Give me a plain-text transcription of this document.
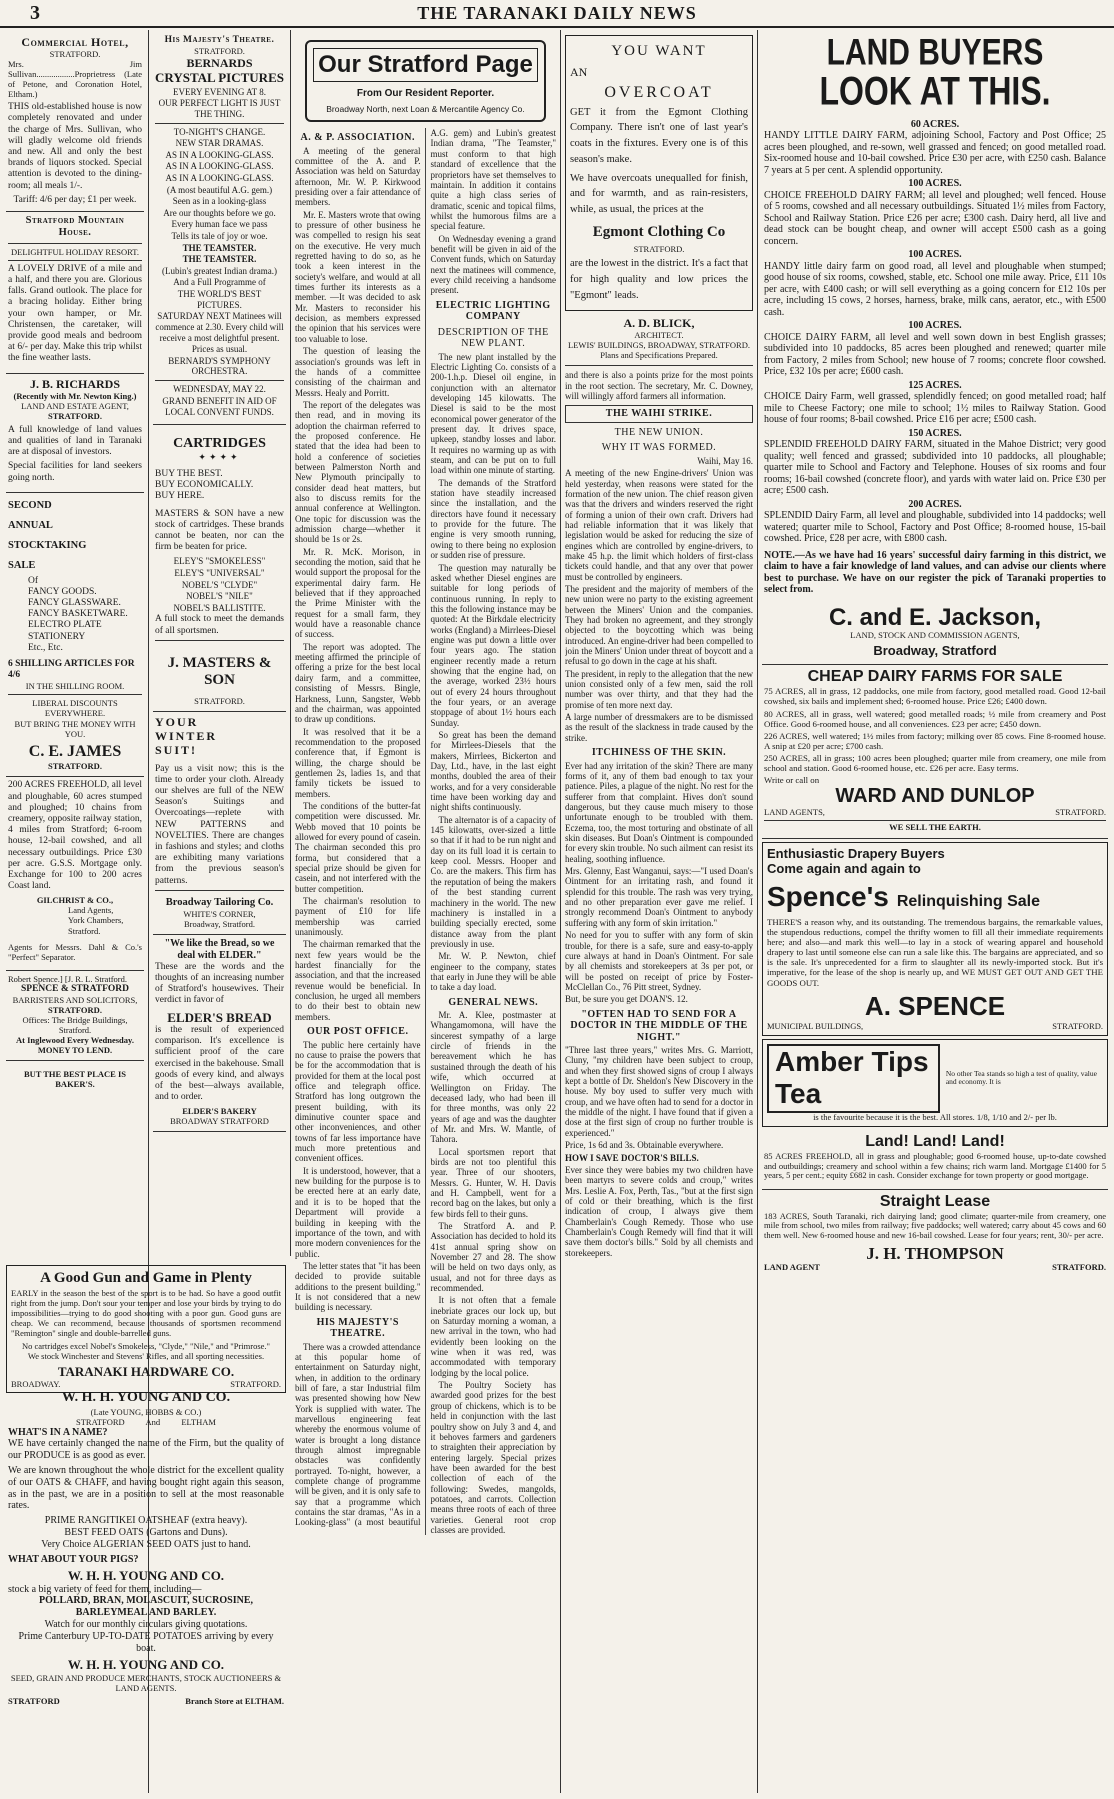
3	THE TARANAKI DAILY NEWS
Commercial Hotel,
STRATFORD.

Mrs. Jim Sullivan..................Proprietress (Late of Petone, and Coronation Hotel, Eltham.)

THIS old-established house is now completely renovated and under the charge of Mrs. Sullivan, who will gladly welcome old friends and new. All and only the best brands of liquors stocked. Special attention is devoted to the dining-room; all meals 1/-.

Tariff: 4/6 per day; £1 per week.
Stratford Mountain House.
DELIGHTFUL HOLIDAY RESORT.

A LOVELY DRIVE of a mile and a half, and there you are. Glorious falls. Grand outlook. The place for a bracing holiday. Either bring your own hamper, or Mr. Christensen, the caretaker, will provide good meals and bedroom at 6/- per day. Make this trip whilst the fine weather lasts.

J. B. RICHARDS
(Recently with Mr. Newton King.)
LAND AND ESTATE AGENT,
STRATFORD.

A full knowledge of land values and qualities of land in Taranaki are at disposal of investors.

Special facilities for land seekers going north.

SECOND
ANNUAL
STOCKTAKING
SALE
Of
FANCY GOODS.
FANCY GLASSWARE.
FANCY BASKETWARE.
ELECTRO PLATE
STATIONERY
Etc., Etc.
6 SHILLING ARTICLES FOR 4/6
IN THE SHILLING ROOM.
LIBERAL DISCOUNTS EVERYWHERE.
BUT BRING THE MONEY WITH YOU.
C. E. JAMES
STRATFORD.

200 ACRES FREEHOLD, all level and ploughable, 60 acres stumped and ploughed; 10 chains from creamery, opposite railway station, 4 miles from Stratford; 6-room house, 12-bail cowshed, and all necessary outbuildings. Price £30 per acre. G.S.S. Mortgage only. Exchange for 100 to 200 acres Coast land.

GILCHRIST & CO.,
Land Agents,
York Chambers,
Stratford.

Agents for Messrs. Dahl & Co.'s "Perfect" Separator.

Robert Spence.] [J. R. L. Stratford.
SPENCE & STRATFORD
BARRISTERS AND SOLICITORS,
STRATFORD.
Offices: The Bridge Buildings, Stratford.
At Inglewood Every Wednesday.
MONEY TO LEND.
BUT THE BEST PLACE IS BAKER'S.
His Majesty's Theatre.
STRATFORD.
BERNARDS
CRYSTAL PICTURES
EVERY EVENING AT 8.
OUR PERFECT LIGHT IS JUST THE THING.
TO-NIGHT'S CHANGE.
NEW STAR DRAMAS.
AS IN A LOOKING-GLASS.
AS IN A LOOKING-GLASS.
AS IN A LOOKING-GLASS.
(A most beautiful A.G. gem.)
Seen as in a looking-glass
Are our thoughts before we go.
Every human face we pass
Tells its tale of joy or woe.
THE TEAMSTER.
THE TEAMSTER.
(Lubin's greatest Indian drama.)
And a Full Programme of
THE WORLD'S BEST PICTURES.
SATURDAY NEXT Matinees will commence at 2.30. Every child will receive a most delightful present.
Prices as usual.
BERNARD'S SYMPHONY ORCHESTRA.
WEDNESDAY, MAY 22.
GRAND BENEFIT IN AID OF
LOCAL CONVENT FUNDS.
CARTRIDGES
✦✦✦✦
BUY THE BEST.
BUY ECONOMICALLY.
BUY HERE.

MASTERS & SON have a new stock of cartridges. These brands cannot be beaten, nor can the firm be beaten for price.

ELEY'S "SMOKELESS"
ELEY'S "UNIVERSAL"
NOBEL'S "CLYDE"
NOBEL'S "NILE"
NOBEL'S BALLISTITE.

A full stock to meet the demands of all sportsmen.

J. MASTERS & SON
STRATFORD.
YOUR
WINTER
SUIT!

Pay us a visit now; this is the time to order your cloth. Already our shelves are full of the NEW Season's Suitings and Overcoatings—replete with NEW PATTERNS and NOVELTIES. There are changes in fashions and styles; and cloths are exhibiting many variations from the previous season's patterns.

Broadway Tailoring Co.
WHITE'S CORNER,
Broadway, Stratford.
"We like the Bread, so we deal with ELDER."

These are the words and the thoughts of an increasing number of Stratford's housewives. Their verdict in favor of

ELDER'S BREAD

is the result of experienced comparison. It's excellence is sufficient proof of the care exercised in the bakehouse. Small goods of every kind, and always of the best—always available, and to order.

ELDER'S BAKERY
BROADWAY STRATFORD
A Good Gun and Game in Plenty

EARLY in the season the best of the sport is to be had. So have a good outfit right from the jump. Don't sour your temper and lose your birds by trying to do impossibilities—trying to do good shooting with a poor gun. Good guns are cheap. We can recommend, because thousands of sportsmen recommend "Remington" single and double-barrelled guns.

No cartridges excel Nobel's Smokeless, "Clyde," "Nile," and "Primrose."
We stock Winchester and Stevens' Rifles, and all sporting necessities.
TARANAKI HARDWARE CO.
BROADWAY.	STRATFORD.
W. H. H. YOUNG AND CO.
(Late YOUNG, HOBBS & CO.)
STRATFORD          And          ELTHAM
WHAT'S IN A NAME?

WE have certainly changed the name of the Firm, but the quality of our PRODUCE is as good as ever.

We are known throughout the whole district for the excellent quality of our OATS & CHAFF, and having bought right again this season, as in the past, we are in a position to sell at the most reasonable rates.

PRIME RANGITIKEI OATSHEAF (extra heavy).
BEST FEED OATS (Gartons and Duns).
Very Choice ALGERIAN SEED OATS just to hand.
WHAT ABOUT YOUR PIGS?
W. H. H. YOUNG AND CO.
stock a big variety of feed for them, including—
POLLARD, BRAN, MOLASCUIT, SUCROSINE, BARLEYMEAL AND BARLEY.
Watch for our monthly circulars giving quotations.
Prime Canterbury UP-TO-DATE POTATOES arriving by every boat.
W. H. H. YOUNG AND CO.
SEED, GRAIN AND PRODUCE MERCHANTS, STOCK AUCTIONEERS & LAND AGENTS.
STRATFORD	Branch Store at ELTHAM.
Our Stratford Page
From Our Resident Reporter.
Broadway North, next Loan & Mercantile Agency Co.
A. & P. ASSOCIATION.

A meeting of the general committee of the A. and P. Association was held on Saturday afternoon, Mr. W. P. Kirkwood presiding over a fair attendance of members.

Mr. E. Masters wrote that owing to pressure of other business he was compelled to resign his seat on the executive. He very much regretted having to do so, as he took a keen interest in the society's welfare, and would at all times further its interests as a member. —It was decided to ask Mr. Masters to reconsider his decision, as members expressed the opinion that his services were too valuable to lose.

The question of leasing the association's grounds was left in the hands of a committee consisting of the chairman and Messrs. Healy and Porritt.

The report of the delegates was then read, and in moving its adoption the chairman referred to the proposed conference. He stated that the idea had been to hold a conference of societies between Palmerston North and New Plymouth principally to consider dead heat matters, but also to discuss remits for the annual conference at Wellington. One topic for discussion was the admission charge—whether it should be 1s or 2s.

Mr. R. McK. Morison, in seconding the motion, said that he would support the proposal for the experimental dairy farm. He believed that if they approached the Prime Minister with the request for a small farm, they would have a reasonable chance of success.

The report was adopted. The meeting affirmed the principle of offering a prize for the best local dairy farm, and a committee, consisting of Messrs. Bingle, Harkness, Lunn, Sangster, Webb and the chairman, was appointed to draw up conditions.

It was resolved that it be a recommendation to the proposed conference that, if Egmont is willing, the charge should be gentlemen 2s, ladies 1s, and that family tickets be issued to members.

The conditions of the butter-fat competition were discussed. Mr. Webb moved that 10 points be allowed for every pound of casein. The chairman seconded this pro forma, but considered that a special prize should be given for casein, and not interfered with the butter competition.

The chairman's resolution to payment of £10 for life membership was carried unanimously.

The chairman remarked that the next few years would be the hardest financially for the association, and that the increased revenue would be beneficial. In conclusion, he urged all members to do their best to obtain new members.

OUR POST OFFICE.

The public here certainly have no cause to praise the powers that be for the accommodation that is provided for them at the local post office and telegraph office. Stratford has long outgrown the present building, with its diminutive counter space and other inconveniences, and other towns of far less importance have much more pretentious and convenient offices.

It is understood, however, that a new building for the purpose is to be erected here at an early date, and it is to be hoped that the Department will provide a building in keeping with the importance of the town, and with more modern conveniences for the public.

The letter states that "it has been decided to provide suitable additions to the present building." It is not considered that a new building is necessary.

HIS MAJESTY'S THEATRE.

There was a crowded attendance at this popular home of entertainment on Saturday night, when, in addition to the ordinary bill of fare, a star Industrial film was presented showing how New York is supplied with water. The marvellous engineering feat whereby the enormous volume of water is brought a long distance through almost impregnable obstacles was confidently portrayed. To-night, however, a complete change of programme will be given, and it is only safe to say that a programme which contains the star dramas, "As in a Looking-glass" (a most beautiful A.G. gem) and Lubin's greatest Indian drama, "The Teamster," must conform to that high standard of excellence that the proprietors have set themselves to maintain. In addition it contains quite a high class series of dramatic, scenic and topical films, whilst the humorous films are a special feature.

On Wednesday evening a grand benefit will be given in aid of the Convent funds, which on Saturday next the matinees will commence, every child receiving a handsome present.

ELECTRIC LIGHTING COMPANY
DESCRIPTION OF THE NEW PLANT.

The new plant installed by the Electric Lighting Co. consists of a 200-1.h.p. Diesel oil engine, in conjunction with an alternator developing 145 kilowatts. The Diesel is said to be the most economical power generator of the present day. It drives space, upkeep, standby losses and labor. It requires no warming up as with steam, and can be put on to full load within one minute of starting.

The demands of the Stratford station have steadily increased since the installation, and the directors have found it necessary to provide for the future. The engine is very smooth running, owing to there being no explosion or sudden rise of pressure.

The question may naturally be asked whether Diesel engines are suitable for long periods of continuous running. In reply to this the following instance may be quoted: At the Birkdale electricity works (England) a Mirrlees-Diesel engine was put down a little over four years ago. The station engineer recently made a return showing that the engine had, on the average, worked 23½ hours out of every 24 hours throughout the four years, or an average stoppage of about 1½ hours each Sunday.

So great has been the demand for Mirrlees-Diesels that the makers, Mirrlees, Bickerton and Day, Ltd., have, in the last eight months, doubled the area of their works, and for a very considerable time have been working day and night shifts continuously.

The alternator is of a capacity of 145 kilowatts, over-sized a little so that if it had to be run night and day on its full load it is certain to keep cool. Messrs. Hooper and Co. are the makers. This firm has the reputation of being the makers of the best standing current machinery in the world. The new machinery is installed in a building specially erected, some distance away from the plant previously in use.

Mr. W. P. Newton, chief engineer to the company, states that early in June they will be able to take a day load.

GENERAL NEWS.

Mr. A. Klee, postmaster at Whangamomona, will have the sincerest sympathy of a large circle of friends in the bereavement which he has sustained through the death of his wife, which occurred at Wellington on Friday. The deceased lady, who had been ill for three months, was only 22 years of age and was the daughter of Mr. and Mrs. W. Mantle, of Tahora.

Local sportsmen report that birds are not too plentiful this year. Three of our shooters, Messrs. G. Hunter, W. H. Davis and H. Campbell, went for a record bag on the lakes, but only a few birds fell to their guns.

The Stratford A. and P. Association has decided to hold its 41st annual spring show on November 27 and 28. The show will be held on two days only, as usual, and not for three days as recommended.

It is not often that a female inebriate graces our lock up, but on Saturday morning a woman, a new arrival in the town, who had evidently been looking on the wine when it was red, was accommodated with temporary lodging by the local police.

The Poultry Society has awarded good prizes for the best group of chickens, which is to be held in conjunction with the last poultry show on July 3 and 4, and it behoves farmers and gardeners to straighten their appreciation by entering largely. Special prizes have been awarded for the best collection of each of the following: Swedes, mangolds, potatoes, and carrots. Collection means three roots of each of three varieties. General root crop classes are provided.

YOU WANT
AN
OVERCOAT

GET it from the Egmont Clothing Company. There isn't one of last year's coats in the fixtures. Every one is of this season's make.

We have overcoats unequalled for finish, and for warmth, and as rain-resisters, while, as usual, the prices at the

Egmont Clothing Co
STRATFORD.

are the lowest in the district. It's a fact that for high quality and low prices the "Egmont" leads.

A. D. BLICK,
ARCHITECT.
LEWIS' BUILDINGS, BROADWAY, STRATFORD.
Plans and Specifications Prepared.

and there is also a points prize for the most points in the root section. The secretary, Mr. C. Downey, will willingly afford farmers all information.

THE WAIHI STRIKE.
THE NEW UNION.
WHY IT WAS FORMED.

Waihi, May 16.

A meeting of the new Engine-drivers' Union was held yesterday, when reasons were stated for the formation of the new union. The chief reason given was that the drivers and winders reserved the right of forming a union of their own craft. Drivers had had reliable information that it was likely that legislation would be asked for reducing the size of engines which are controlled by engine-drivers, to make 45 h.p. the limit which holders of first-class tickets could handle, and that any over that power must be controlled by engineers.

The president and the majority of members of the new union were no party to the existing agreement between the Miners' Union and the companies. They had broken no agreement, and they strongly objected to the boycotting which was being introduced. An engine-driver had been compelled to join the Miners' Union under threat of boycott and a refusal to go down in the cage at his shaft.

The president, in reply to the allegation that the new union consisted only of a few men, said the roll number was over thirty, and that they had the promise of ten more next day.

A large number of dressmakers are to be dismissed as the result of the slackness in trade caused by the strike.

ITCHINESS OF THE SKIN.

Ever had any irritation of the skin? There are many forms of it, any of them bad enough to tax your patience. Piles, a plague of the night. No rest for the sufferer from that complaint. Hives don't sound dangerous, but they cause much misery to those unfortunate enough to be troubled with them. Eczema, too, the most torturing and obstinate of all skin diseases. But Doan's Ointment is compounded for every skin trouble. No such ailment can resist its healing, soothing influence.

Mrs. Glenny, East Wanganui, says:—"I used Doan's Ointment for an irritating rash, and found it splendid for this trouble. The rash was very trying, and no other preparation ever gave me relief. I strongly recommend Doan's Ointment to anybody suffering with any form of skin irritation."

No need for you to suffer with any form of skin trouble, for there is a safe, sure and easy-to-apply cure always at hand in Doan's Ointment. For sale by all chemists and storekeepers at 3s per pot, or will be posted on receipt of price by Foster-McClellan Co., 76 Pitt street, Sydney.

But, be sure you get DOAN'S. 12.

"OFTEN HAD TO SEND FOR A DOCTOR IN THE MIDDLE OF THE NIGHT."

"Three last three years," writes Mrs. G. Marriott, Cluny, "my children have been subject to croup, and when they first showed signs of croup I always kept a bottle of Dr. Sheldon's New Discovery in the house. My boy used to suffer very much with croup, and we have often had to send for a doctor in the middle of the night. I have found that if given a dose at the first sign of croup no further trouble is experienced."

Price, 1s 6d and 3s. Obtainable everywhere.

HOW I SAVE DOCTOR'S BILLS.

Ever since they were babies my two children have been martyrs to severe colds and croup," writes Mrs. Leslie A. Fox, Perth, Tas., "but at the first sign of cold or their breathing, which is the first indication of croup, I always give them Chamberlain's Cough Remedy. Those who use Chamberlain's Cough Remedy will find that it will save them doctor's bills." Sold by all chemists and storekeepers.

LAND BUYERS
LOOK AT THIS.
60 ACRES.

HANDY LITTLE DAIRY FARM, adjoining School, Factory and Post Office; 25 acres been ploughed, and re-sown, well grassed and fenced; on good metalled road. Six-roomed house and 10-bail cowshed. Price £30 per acre, with £250 cash. Balance 7 years at 5 per cent. A splendid opportunity.

100 ACRES.

CHOICE FREEHOLD DAIRY FARM; all level and ploughed; well fenced. House of 5 rooms, cowshed and all necessary outbuildings. Situated 1½ miles from Factory, School and Railway Station. Price £26 per acre; £300 cash. Dairy herd, all live and dead stock can be bought cheap, and owner will accept £500 cash as a going concern.

100 ACRES.

HANDY little dairy farm on good road, all level and ploughable when stumped; good house of six rooms, cowshed, stable, etc. School one mile away. Price, £11 10s per acre, with £400 cash; or will sell everything as a going concern for £12 10s per acre, including 15 cows, 2 horses, harness, brake, milk cans, aerator, etc., with £500 cash.

100 ACRES.

CHOICE DAIRY FARM, all level and well sown down in best English grasses; subdivided into 10 paddocks, 85 acres been ploughed and renewed; quarter mile from Factory, 2 miles from School; new house of 7 rooms; concrete floor cowshed. Price, £32 10s per acre; £600 cash.

125 ACRES.

CHOICE Dairy Farm, well grassed, splendidly fenced; on good metalled road; half mile to Cheese Factory; one mile to school; 1½ miles to Railway Station. Good house of four rooms; 8-bail cowshed. Price £16 per acre; £500 cash.

150 ACRES.

SPLENDID FREEHOLD DAIRY FARM, situated in the Mahoe District; very good quality; well fenced and grassed; subdivided into 10 paddocks, all ploughable; quarter mile to School and Factory and Telephone. Houses of six rooms and four rooms; 16-bail cowshed (concrete floor), and yards with water laid on. Price £30 per acre; £500 cash.

200 ACRES.

SPLENDID Dairy Farm, all level and ploughable, subdivided into 14 paddocks; well watered; quarter mile to School, Factory and Post Office; 8-roomed house, 15-bail cowshed. Price, £28 per acre, with £800 cash.

NOTE.—As we have had 16 years' successful dairy farming in this district, we claim to have a fair knowledge of land values, and can advise our clients where best to purchase. We have on our register the pick of Taranaki properties to select from.

C. and E. Jackson,
LAND, STOCK AND COMMISSION AGENTS,
Broadway, Stratford
CHEAP DAIRY FARMS FOR SALE

75 ACRES, all in grass, 12 paddocks, one mile from factory, good metalled road. Good 12-bail cowshed, six bails and implement shed; 6-roomed house. Price £26; £400 down.

80 ACRES, all in grass, well watered; good metalled roads; ½ mile from creamery and Post Office. Good 6-roomed house, and all conveniences. £23 per acre; £450 down.

226 ACRES, well watered; 1½ miles from factory; milking over 85 cows. Fine 8-roomed house. A snip at £20 per acre; £700 cash.

250 ACRES, all in grass; 100 acres been ploughed; quarter mile from creamery, one mile from school and station. Good 6-roomed house, etc. £26 per acre. Easy terms.

Write or call on
WARD AND DUNLOP
LAND AGENTS,	STRATFORD.
WE SELL THE EARTH.
Enthusiastic Drapery Buyers
Come again and again to
Spence's Relinquishing Sale

THERE'S a reason why, and its outstanding. The tremendous bargains, the remarkable values, the stupendous reductions, compel the thrifty women to fill all their immediate requirements here; and also—and mark this well—to lay in a stock of wearing apparel and household drapery to last until someone else can run a sale like this. The bargains are appreciated, and so is the sale. It's unprecedented for a firm to slaughter all its newly-imported stock. But it's imperative, for the lease of the shop is nearly up, and WE MUST GET OUT AND GET THE GOODS OUT.

A. SPENCE
MUNICIPAL BUILDINGS,	STRATFORD.
Amber Tips Tea
No other Tea stands so high a test of quality, value and economy. It is
is the favourite because it is the best. All stores. 1/8, 1/10 and 2/- per lb.
Land! Land! Land!

85 ACRES FREEHOLD, all in grass and ploughable; good 6-roomed house, up-to-date cowshed and outbuildings; creamery and school within a few chains; rich warm land. Mortgage £1400 for 5 years, 5 per cent.; equity £682 in cash. Consider exchange for town property or good mortgage.

Straight Lease

183 ACRES, South Taranaki, rich dairying land; good climate; quarter-mile from creamery, one mile from school, two miles from railway; five paddocks; well watered; carry about 45 cows and 60 them well. New 6-roomed house and new 16-bail cowshed. Lease for four years; rent, 30/- per acre.

J. H. THOMPSON
LAND AGENT	STRATFORD.
